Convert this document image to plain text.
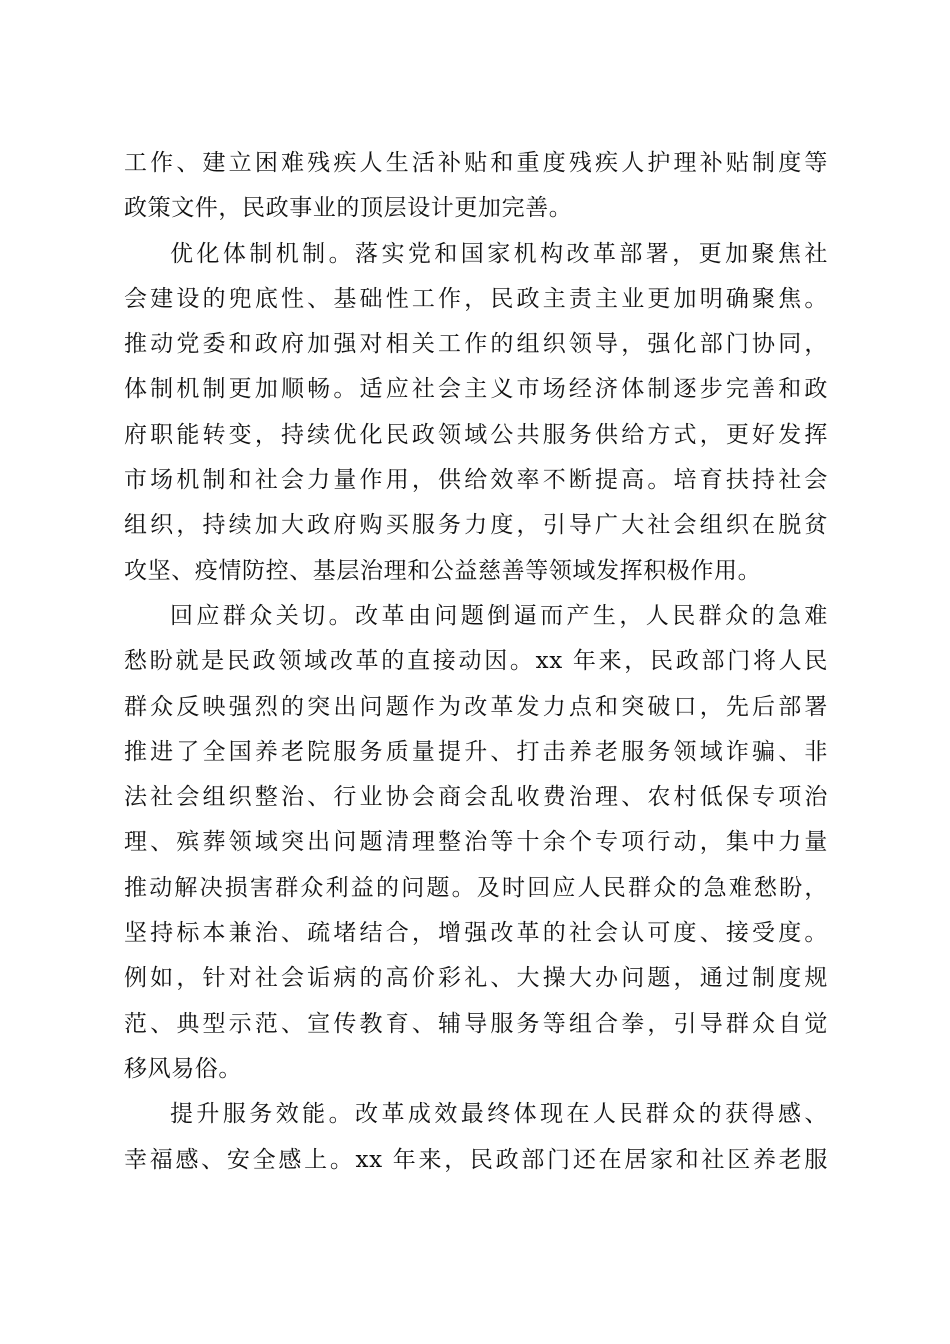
工作、建立困难残疾人生活补贴和重度残疾人护理补贴制度等
政策文件，民政事业的顶层设计更加完善。
优化体制机制。落实党和国家机构改革部署，更加聚焦社
会建设的兜底性、基础性工作，民政主责主业更加明确聚焦。
推动党委和政府加强对相关工作的组织领导，强化部门协同，
体制机制更加顺畅。适应社会主义市场经济体制逐步完善和政
府职能转变，持续优化民政领域公共服务供给方式，更好发挥
市场机制和社会力量作用，供给效率不断提高。培育扶持社会
组织，持续加大政府购买服务力度，引导广大社会组织在脱贫
攻坚、疫情防控、基层治理和公益慈善等领域发挥积极作用。
回应群众关切。改革由问题倒逼而产生，人民群众的急难
愁盼就是民政领域改革的直接动因。xx 年来，民政部门将人民
群众反映强烈的突出问题作为改革发力点和突破口，先后部署
推进了全国养老院服务质量提升、打击养老服务领域诈骗、非
法社会组织整治、行业协会商会乱收费治理、农村低保专项治
理、殡葬领域突出问题清理整治等十余个专项行动，集中力量
推动解决损害群众利益的问题。及时回应人民群众的急难愁盼，
坚持标本兼治、疏堵结合，增强改革的社会认可度、接受度。
例如，针对社会诟病的高价彩礼、大操大办问题，通过制度规
范、典型示范、宣传教育、辅导服务等组合拳，引导群众自觉
移风易俗。
提升服务效能。改革成效最终体现在人民群众的获得感、
幸福感、安全感上。xx 年来，民政部门还在居家和社区养老服
